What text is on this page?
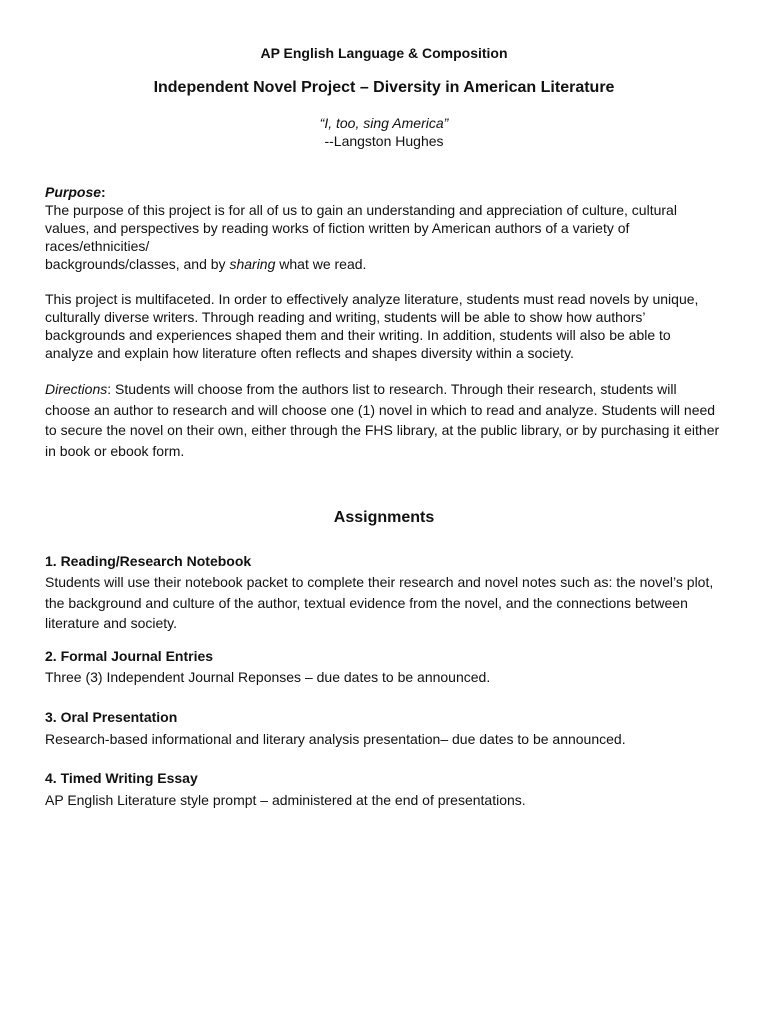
AP English Language & Composition
Independent Novel Project – Diversity in American Literature
“I, too, sing America”
--Langston Hughes
Purpose:
The purpose of this project is for all of us to gain an understanding and appreciation of culture, cultural values, and perspectives by reading works of fiction written by American authors of a variety of races/ethnicities/
backgrounds/classes, and by sharing what we read.
This project is multifaceted. In order to effectively analyze literature, students must read novels by unique, culturally diverse writers. Through reading and writing, students will be able to show how authors’ backgrounds and experiences shaped them and their writing. In addition, students will also be able to analyze and explain how literature often reflects and shapes diversity within a society.
Directions: Students will choose from the authors list to research. Through their research, students will choose an author to research and will choose one (1) novel in which to read and analyze. Students will need to secure the novel on their own, either through the FHS library, at the public library, or by purchasing it either in book or ebook form.
Assignments
1. Reading/Research Notebook
Students will use their notebook packet to complete their research and novel notes such as: the novel’s plot, the background and culture of the author, textual evidence from the novel, and the connections between literature and society.
2. Formal Journal Entries
Three (3) Independent Journal Reponses – due dates to be announced.
3. Oral Presentation
Research-based informational and literary analysis presentation– due dates to be announced.
4. Timed Writing Essay
AP English Literature style prompt – administered at the end of presentations.
